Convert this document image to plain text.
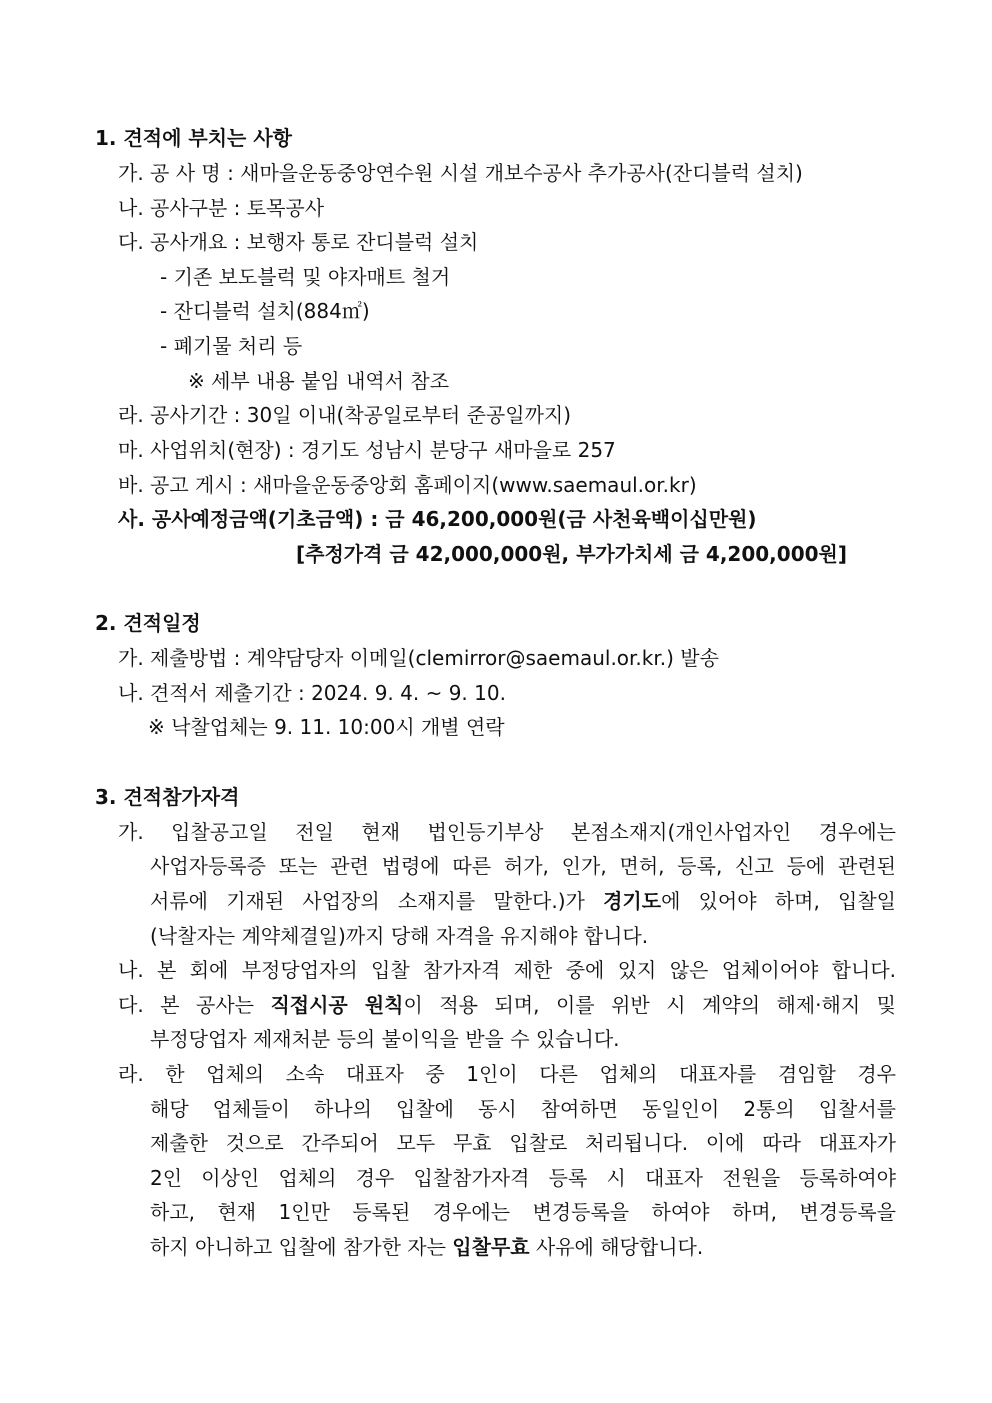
1. 견적에 부치는 사항
가. 공 사 명 : 새마을운동중앙연수원 시설 개보수공사 추가공사(잔디블럭 설치)
나. 공사구분 : 토목공사
다. 공사개요 : 보행자 통로 잔디블럭 설치
- 기존 보도블럭 및 야자매트 철거
- 잔디블럭 설치(884㎡)
- 폐기물 처리 등
※ 세부 내용 붙임 내역서 참조
라. 공사기간 : 30일 이내(착공일로부터 준공일까지)
마. 사업위치(현장) : 경기도 성남시 분당구 새마을로 257
바. 공고 게시 : 새마을운동중앙회 홈페이지(www.saemaul.or.kr)
사. 공사예정금액(기초금액) : 금 46,200,000원(금 사천육백이십만원)
[추정가격 금 42,000,000원, 부가가치세 금 4,200,000원]
2. 견적일정
가. 제출방법 : 계약담당자 이메일(clemirror@saemaul.or.kr.) 발송
나. 견적서 제출기간 : 2024. 9. 4. ~ 9. 10.
※ 낙찰업체는 9. 11. 10:00시 개별 연락
3. 견적참가자격
가. 입찰공고일 전일 현재 법인등기부상 본점소재지(개인사업자인 경우에는
사업자등록증 또는 관련 법령에 따른 허가, 인가, 면허, 등록, 신고 등에 관련된
서류에 기재된 사업장의 소재지를 말한다.)가 경기도에 있어야 하며, 입찰일
(낙찰자는 계약체결일)까지 당해 자격을 유지해야 합니다.
나. 본 회에 부정당업자의 입찰 참가자격 제한 중에 있지 않은 업체이어야 합니다.
다. 본 공사는 직접시공 원칙이 적용 되며, 이를 위반 시 계약의 해제·해지 및
부정당업자 제재처분 등의 불이익을 받을 수 있습니다.
라. 한 업체의 소속 대표자 중 1인이 다른 업체의 대표자를 겸임할 경우
해당 업체들이 하나의 입찰에 동시 참여하면 동일인이 2통의 입찰서를
제출한 것으로 간주되어 모두 무효 입찰로 처리됩니다. 이에 따라 대표자가
2인 이상인 업체의 경우 입찰참가자격 등록 시 대표자 전원을 등록하여야
하고, 현재 1인만 등록된 경우에는 변경등록을 하여야 하며, 변경등록을
하지 아니하고 입찰에 참가한 자는 입찰무효 사유에 해당합니다.
